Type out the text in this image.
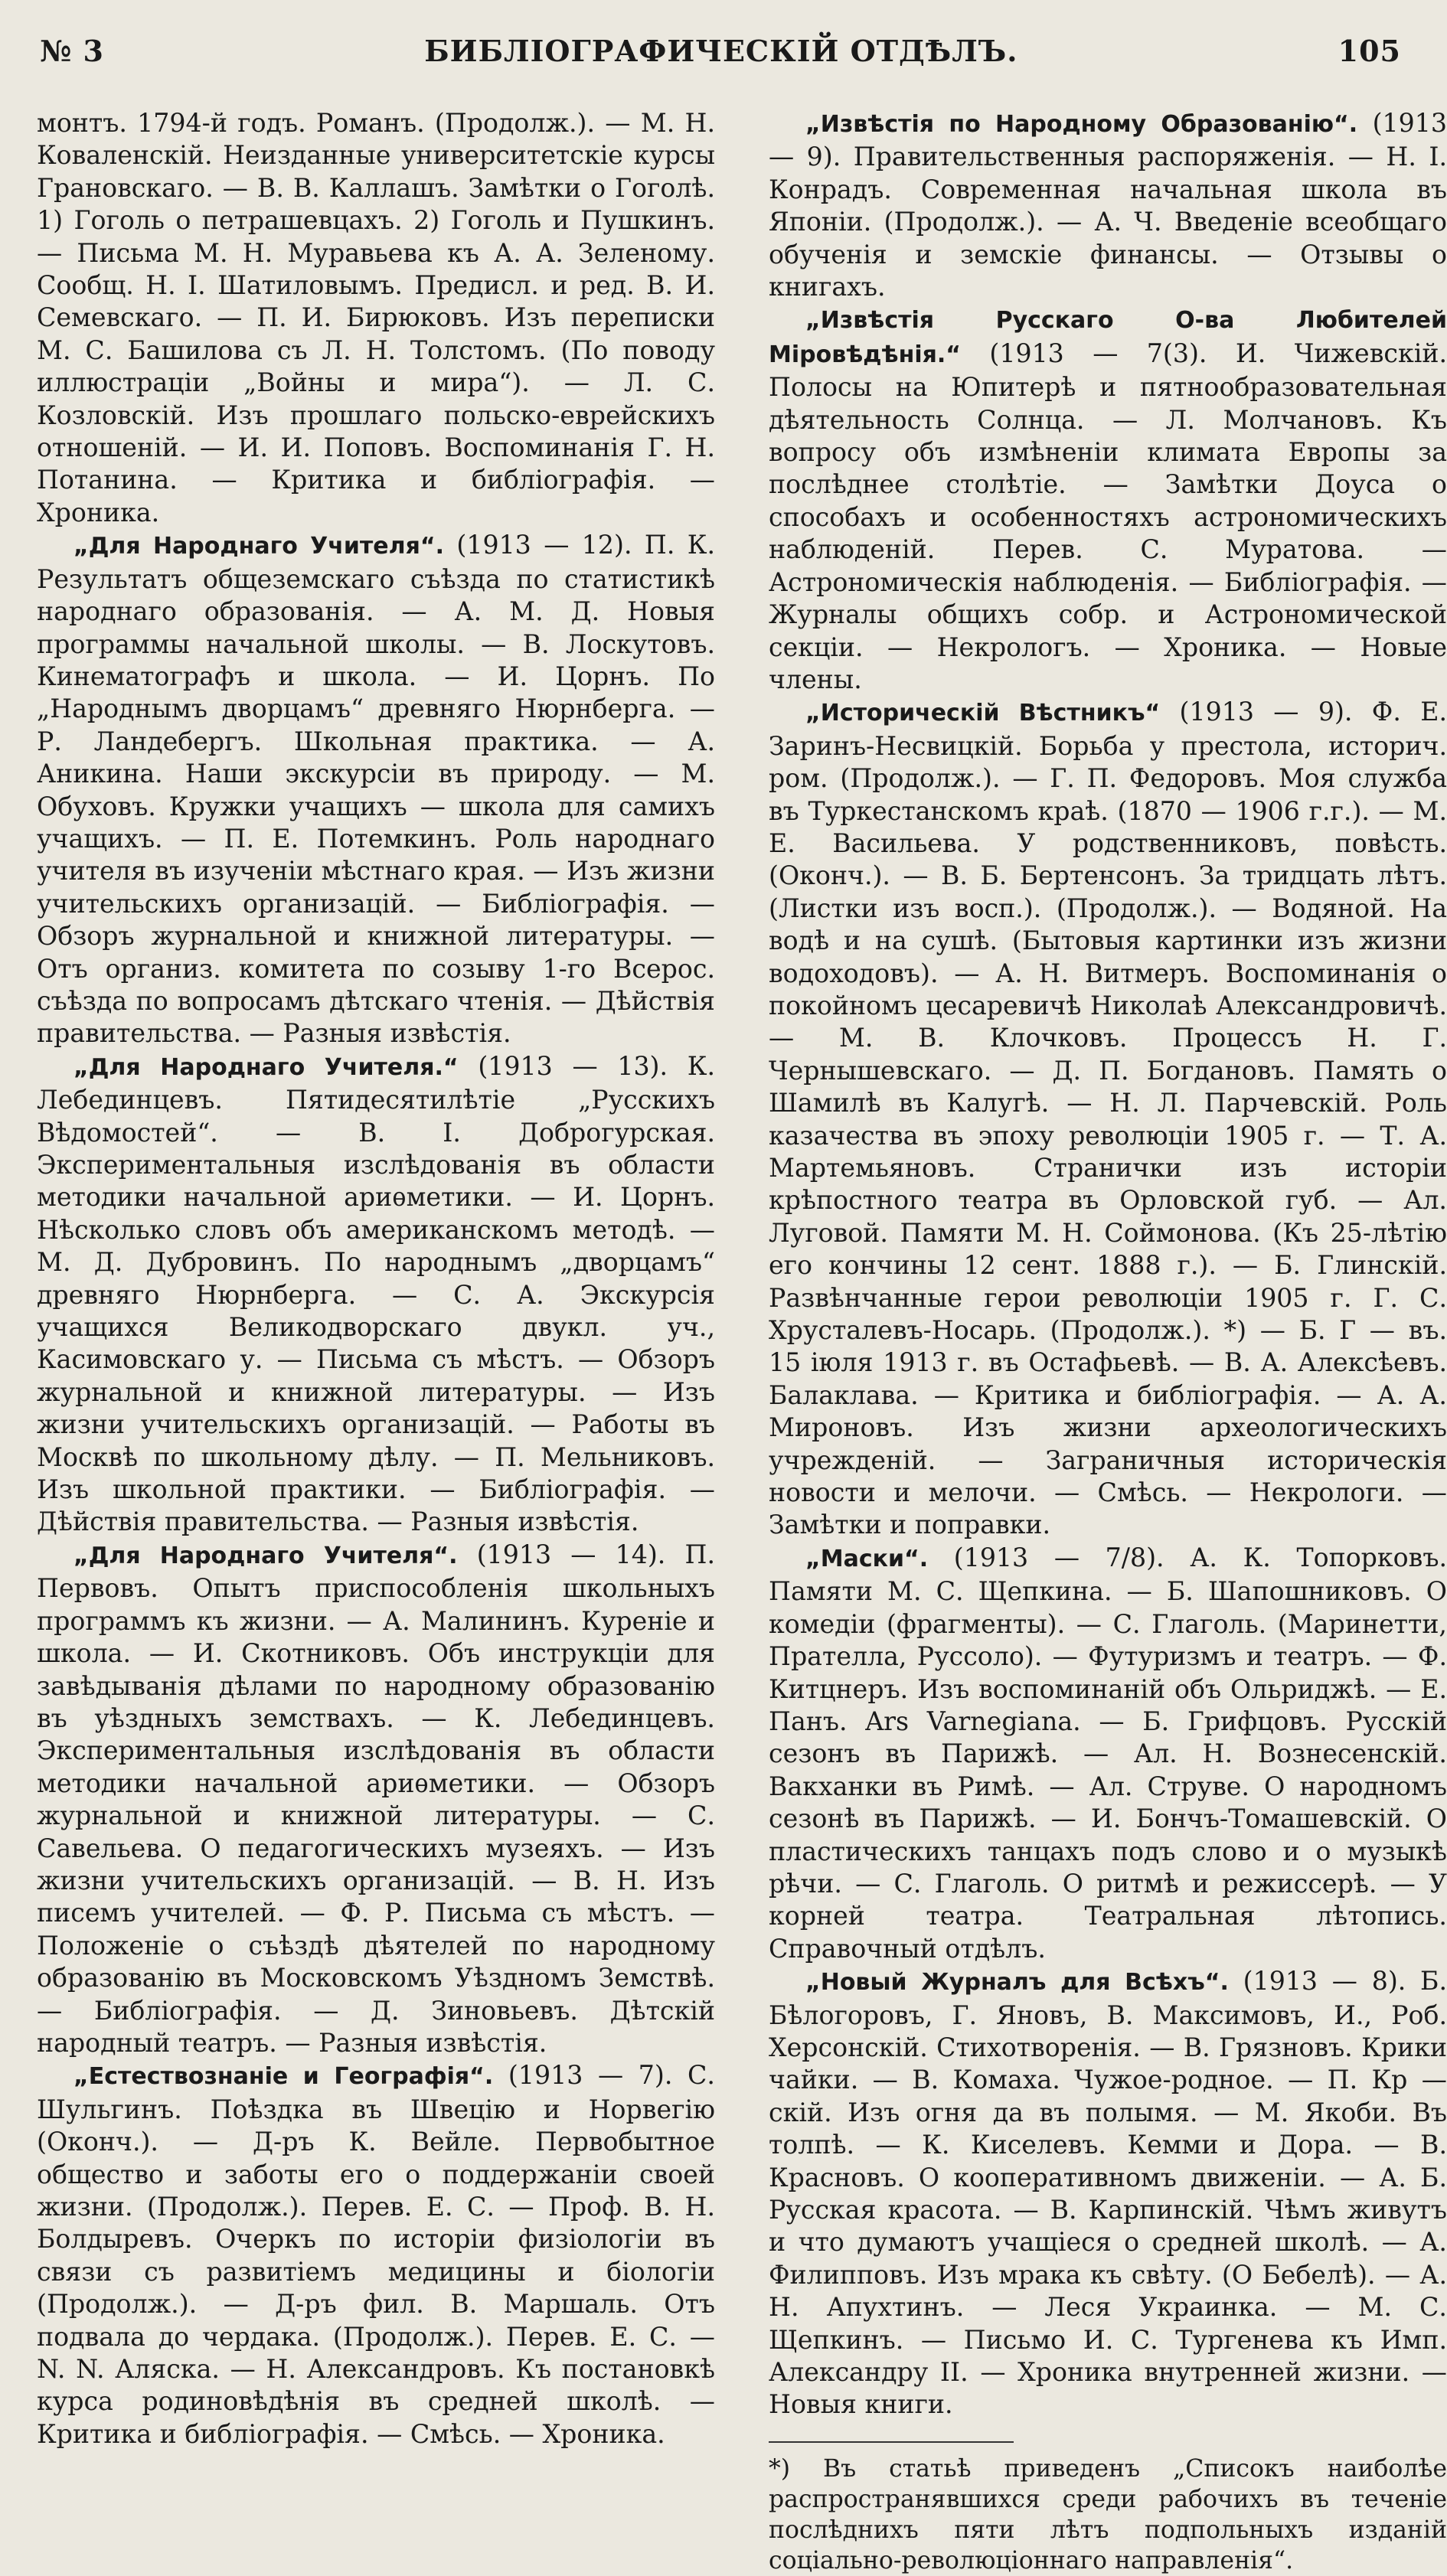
№ 3	БИБЛІОГРАФИЧЕСКІЙ ОТДѢЛЪ.	105

монтъ. 1794-й годъ. Романъ. (Продолж.). — М. Н. Коваленскій. Неизданные университетскіе курсы Грановскаго. — В. В. Каллашъ. Замѣтки о Гоголѣ. 1) Гоголь о петрашевцахъ. 2) Гоголь и Пушкинъ. — Письма М. Н. Муравьева къ А. А. Зеленому. Сообщ. Н. І. Шатиловымъ. Предисл. и ред. В. И. Семевскаго. — П. И. Бирюковъ. Изъ переписки М. С. Башилова съ Л. Н. Толстомъ. (По поводу иллюстраціи „Войны и мира“). — Л. С. Козловскій. Изъ прошлаго польско-еврейскихъ отношеній. — И. И. Поповъ. Воспоминанія Г. Н. Потанина. — Критика и библіографія. — Хроника.

„Для Народнаго Учителя“. (1913 — 12). П. К. Результатъ общеземскаго съѣзда по статистикѣ народнаго образованія. — А. М. Д. Новыя программы начальной школы. — В. Лоскутовъ. Кинематографъ и школа. — И. Цорнъ. По „Народнымъ дворцамъ“ древняго Нюрнберга. — Р. Ландебергъ. Школьная практика. — А. Аникина. Наши экскурсіи въ природу. — М. Обуховъ. Кружки учащихъ — школа для самихъ учащихъ. — П. Е. Потемкинъ. Роль народнаго учителя въ изученіи мѣстнаго края. — Изъ жизни учительскихъ организацій. — Библіографія. — Обзоръ журнальной и книжной литературы. — Отъ организ. комитета по созыву 1-го Всерос. съѣзда по вопросамъ дѣтскаго чтенія. — Дѣйствія правительства. — Разныя извѣстія.

„Для Народнаго Учителя.“ (1913 — 13). К. Лебединцевъ. Пятидесятилѣтіе „Русскихъ Вѣдомостей“. — В. І. Доброгурская. Экспериментальныя изслѣдованія въ области методики начальной ариѳметики. — И. Цорнъ. Нѣсколько словъ объ американскомъ методѣ. — М. Д. Дубровинъ. По народнымъ „дворцамъ“ древняго Нюрнберга. — С. А. Экскурсія учащихся Великодворскаго двукл. уч., Касимовскаго у. — Письма съ мѣстъ. — Обзоръ журнальной и книжной литературы. — Изъ жизни учительскихъ организацій. — Работы въ Москвѣ по школьному дѣлу. — П. Мельниковъ. Изъ школьной практики. — Библіографія. — Дѣйствія правительства. — Разныя извѣстія.

„Для Народнаго Учителя“. (1913 — 14). П. Первовъ. Опытъ приспособленія школьныхъ программъ къ жизни. — А. Малининъ. Куреніе и школа. — И. Скотниковъ. Объ инструкціи для завѣдыванія дѣлами по народному образованію въ уѣздныхъ земствахъ. — К. Лебединцевъ. Экспериментальныя изслѣдованія въ области методики начальной ариѳметики. — Обзоръ журнальной и книжной литературы. — С. Савельева. О педагогическихъ музеяхъ. — Изъ жизни учительскихъ организацій. — В. Н. Изъ писемъ учителей. — Ф. Р. Письма съ мѣстъ. — Положеніе о съѣздѣ дѣятелей по народному образованію въ Московскомъ Уѣздномъ Земствѣ. — Библіографія. — Д. Зиновьевъ. Дѣтскій народный театръ. — Разныя извѣстія.

„Естествознаніе и Географія“. (1913 — 7). С. Шульгинъ. Поѣздка въ Швецію и Норвегію (Оконч.). — Д-ръ К. Вейле. Первобытное общество и заботы его о поддержаніи своей жизни. (Продолж.). Перев. Е. С. — Проф. В. Н. Болдыревъ. Очеркъ по исторіи физіологіи въ связи съ развитіемъ медицины и біологіи (Продолж.). — Д-ръ фил. В. Маршаль. Отъ подвала до чердака. (Продолж.). Перев. Е. С. — N. N. Аляска. — Н. Александровъ. Къ постановкѣ курса родиновѣдѣнія въ средней школѣ. — Критика и библіографія. — Смѣсь. — Хроника.

„Извѣстія по Народному Образованію“. (1913 — 9). Правительственныя распоряженія. — Н. І. Конрадъ. Современная начальная школа въ Японіи. (Продолж.). — А. Ч. Введеніе всеобщаго обученія и земскіе финансы. — Отзывы о книгахъ.

„Извѣстія Русскаго О-ва Любителей Міровѣдѣнія.“ (1913 — 7(3). И. Чижевскій. Полосы на Юпитерѣ и пятнообразовательная дѣятельность Солнца. — Л. Молчановъ. Къ вопросу объ измѣненіи климата Европы за послѣднее столѣтіе. — Замѣтки Доуса о способахъ и особенностяхъ астрономическихъ наблюденій. Перев. С. Муратова. — Астрономическія наблюденія. — Библіографія. — Журналы общихъ собр. и Астрономической секціи. — Некрологъ. — Хроника. — Новые члены.

„Историческій Вѣстникъ“ (1913 — 9). Ф. Е. Заринъ-Несвицкій. Борьба у престола, историч. ром. (Продолж.). — Г. П. Федоровъ. Моя служба въ Туркестанскомъ краѣ. (1870 — 1906 г.г.). — М. Е. Васильева. У родственниковъ, повѣсть. (Оконч.). — В. Б. Бертенсонъ. За тридцать лѣтъ. (Листки изъ восп.). (Продолж.). — Водяной. На водѣ и на сушѣ. (Бытовыя картинки изъ жизни водоходовъ). — А. Н. Витмеръ. Воспоминанія о покойномъ цесаревичѣ Николаѣ Александровичѣ. — М. В. Клочковъ. Процессъ Н. Г. Чернышевскаго. — Д. П. Богдановъ. Память о Шамилѣ въ Калугѣ. — Н. Л. Парчевскій. Роль казачества въ эпоху революціи 1905 г. — Т. А. Мартемьяновъ. Странички изъ исторіи крѣпостного театра въ Орловской губ. — Ал. Луговой. Памяти М. Н. Соймонова. (Къ 25-лѣтію его кончины 12 сент. 1888 г.). — Б. Глинскій. Развѣнчанные герои революціи 1905 г. Г. С. Хрусталевъ-Носарь. (Продолж.). *) — Б. Г — въ. 15 іюля 1913 г. въ Остафьевѣ. — В. А. Алексѣевъ. Балаклава. — Критика и библіографія. — А. А. Мироновъ. Изъ жизни археологическихъ учрежденій. — Заграничныя историческія новости и мелочи. — Смѣсь. — Некрологи. — Замѣтки и поправки.

„Маски“. (1913 — 7/8). А. К. Топорковъ. Памяти М. С. Щепкина. — Б. Шапошниковъ. О комедіи (фрагменты). — С. Глаголь. (Маринетти, Прателла, Руссоло). — Футуризмъ и театръ. — Ф. Китцнеръ. Изъ воспоминаній объ Ольриджѣ. — Е. Панъ. Ars Varnegiana. — Б. Грифцовъ. Русскій сезонъ въ Парижѣ. — Ал. Н. Вознесенскій. Вакханки въ Римѣ. — Ал. Струве. О народномъ сезонѣ въ Парижѣ. — И. Бончъ-Томашевскій. О пластическихъ танцахъ подъ слово и о музыкѣ рѣчи. — С. Глаголь. О ритмѣ и режиссерѣ. — У корней театра. Театральная лѣтопись. Справочный отдѣлъ.

„Новый Журналъ для Всѣхъ“. (1913 — 8). Б. Бѣлогоровъ, Г. Яновъ, В. Максимовъ, И., Роб. Херсонскій. Стихотворенія. — В. Грязновъ. Крики чайки. — В. Комаха. Чужое-родное. — П. Кр — скій. Изъ огня да въ полымя. — М. Якоби. Въ толпѣ. — К. Киселевъ. Кемми и Дора. — В. Красновъ. О кооперативномъ движеніи. — А. Б. Русская красота. — В. Карпинскій. Чѣмъ живутъ и что думаютъ учащіеся о средней школѣ. — А. Филипповъ. Изъ мрака къ свѣту. (О Бебелѣ). — А. Н. Апухтинъ. — Леся Украинка. — М. С. Щепкинъ. — Письмо И. С. Тургенева къ Имп. Александру II. — Хроника внутренней жизни. — Новыя книги.

*) Въ статьѣ приведенъ „Списокъ наиболѣе распространявшихся среди рабочихъ въ теченіе послѣднихъ пяти лѣтъ подпольныхъ изданій соціально-революціоннаго направленія“.
